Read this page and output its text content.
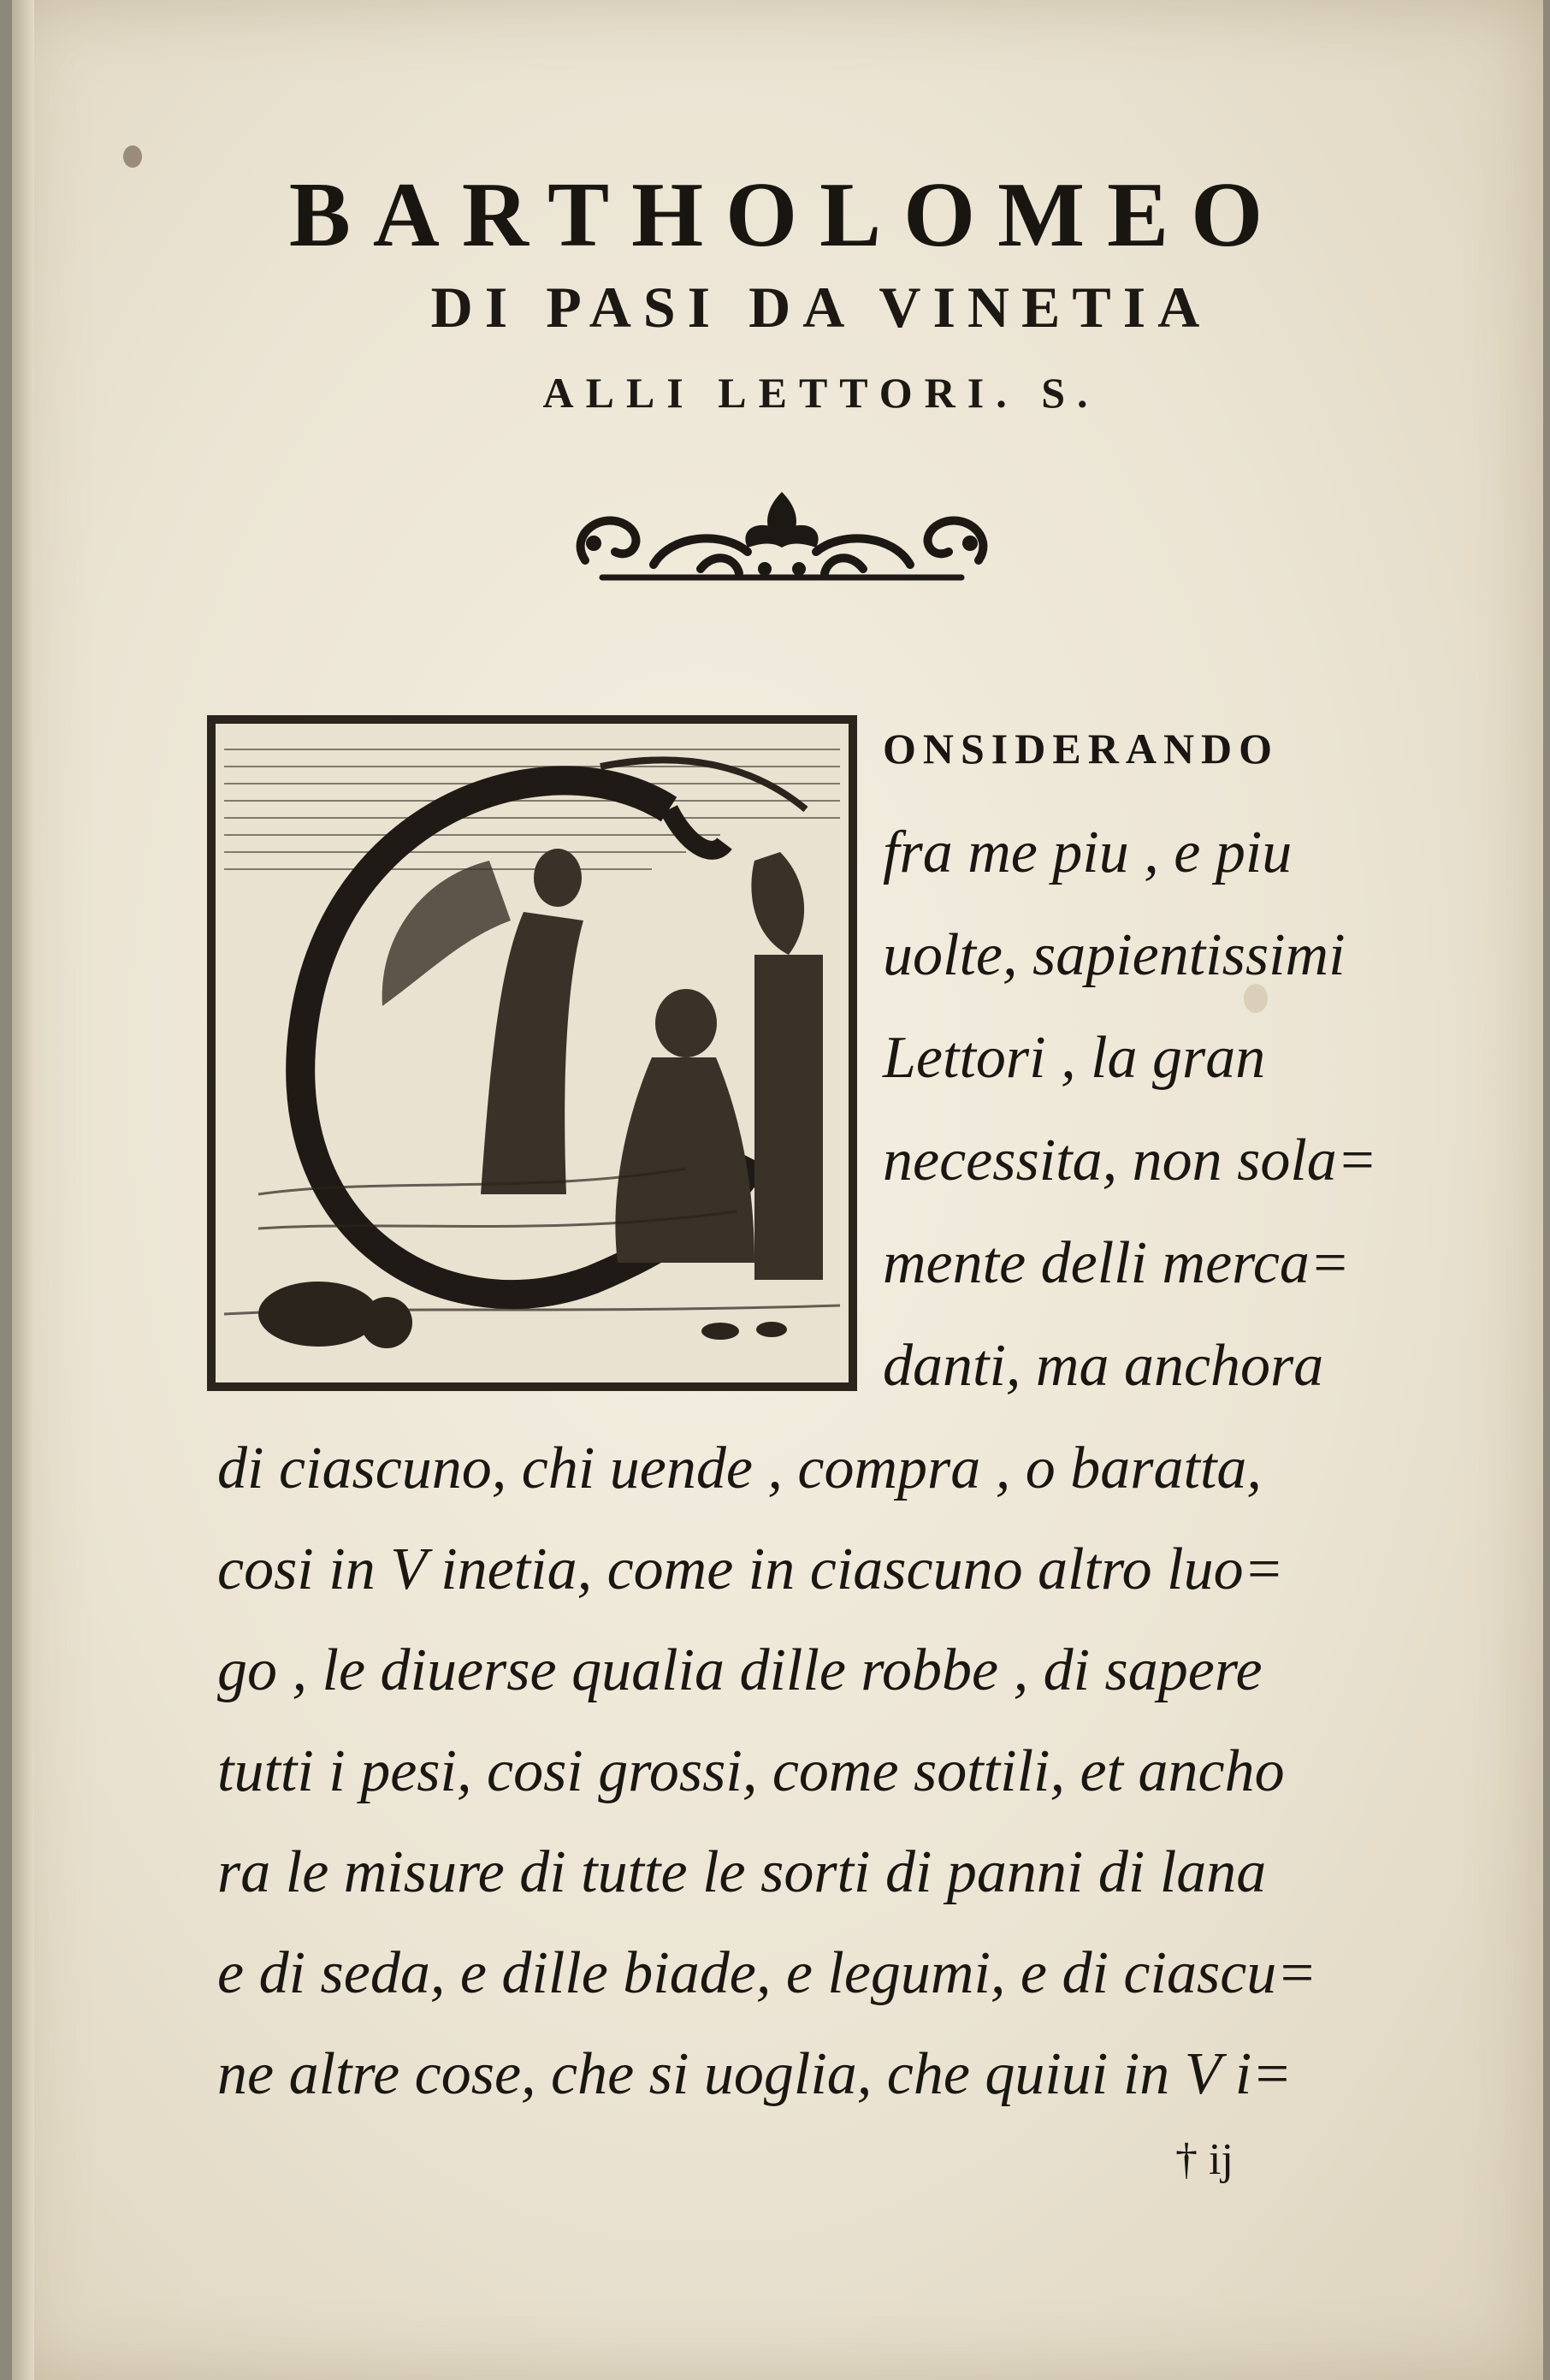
BARTHOLOMEO
DI PASI DA VINETIA
ALLI LETTORI. S.
ONSIDERANDO
fra me piu , e piu
uolte, sapientissimi
Lettori , la gran
necessita, non sola=
mente delli merca=
danti, ma anchora
di ciascuno, chi uende , compra , o baratta,
cosi in V inetia, come in ciascuno altro luo=
go , le diuerse qualia dille robbe , di sapere
tutti i pesi, cosi grossi, come sottili, et ancho
ra le misure di tutte le sorti di panni di lana
e di seda, e dille biade, e legumi, e di ciascu=
ne altre cose, che si uoglia, che quiui in V i=
† ij
